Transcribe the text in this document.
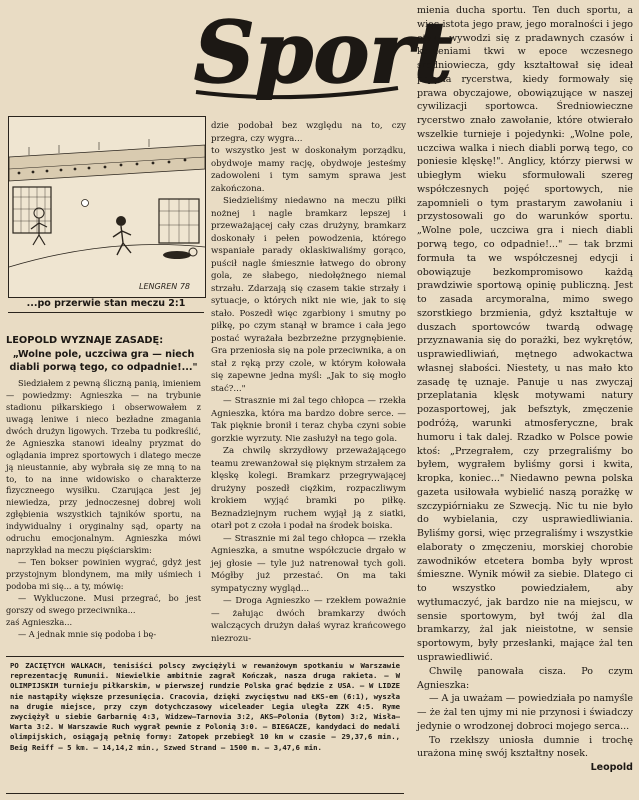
Sport
LENGREN 78
...po przerwie stan meczu 2:1
LEOPOLD WYZNAJE ZASADĘ:
„Wolne pole, uczciwa gra — niech diabli porwą tego, co odpadnie!..."

Siedziałem z pewną śliczną panią, imieniem — powiedzmy: Agnieszka — na trybunie stadionu piłkarskiego i obserwowałem z uwagą leniwe i nieco bezładne zmagania dwóch drużyn ligowych. Trzeba tu podkreślić, że Agnieszka stanowi idealny pryzmat do oglądania imprez sportowych i dlatego mecze ją nieustannie, aby wybrała się ze mną to na to, to na inne widowisko o charakterze fizyczneego wysiłku. Czarująca jest jej niewiedza, przy jednoczesnej dobrej woli zgłębienia wszystkich tajników sportu, na indywidualny i oryginalny sąd, oparty na odruchu emocjonalnym. Agnieszka mówi naprzykład na meczu pięściarskim:

— Ten bokser powinien wygrać, gdyż jest przystojnym blondynem, ma miły uśmiech i podoba mi się... a ty, mówię:

— Wykluczone. Musi przegrać, bo jest gorszy od swego przeciwnika...

zaś Agnieszka...

— A jednak mnie się podoba i bę-

dzie podobał bez względu na to, czy przegra, czy wygra...

to wszystko jest w doskonałym porządku, obydwoje mamy rację, obydwoje jesteśmy zadowoleni i tym samym sprawa jest zakończona.

Siedzieliśmy niedawno na meczu piłki nożnej i nagle bramkarz lepszej i przeważającej cały czas drużyny, bramkarz doskonały i pełen powodzenia, którego wspaniałe parady oklaskiwaliśmy gorąco, puścił nagle śmiesznie łatwego do obrony gola, ze słabego, niedołężnego niemal strzału. Zdarzają się czasem takie strzały i sytuacje, o których nikt nie wie, jak to się stało. Poszedł więc zgarbiony i smutny po piłkę, po czym stanął w bramce i cała jego postać wyrażała bezbrzeżne przygnębienie. Gra przeniosła się na pole przeciwnika, a on stał z ręką przy czole, w którym kołowała się zapewne jedna myśl: „Jak to się mogło stać?..."

— Strasznie mi żal tego chłopca — rzekła Agnieszka, która ma bardzo dobre serce. — Tak pięknie bronił i teraz chyba czyni sobie gorzkie wyrzuty. Nie zasłużył na tego gola.

Za chwilę skrzydłowy przeważającego teamu zrewanżował się pięknym strzałem za klęskę kolegi. Bramkarz przegrywającej drużyny poszedł ciężkim, rozpaczliwym krokiem wyjąć bramki po piłkę. Beznadziejnym ruchem wyjął ją z siatki, otarł pot z czoła i podał na środek boiska.

— Strasznie mi żal tego chłopca — rzekła Agnieszka, a smutne współczucie drgało w jej głosie — tyle już natrenował tych goli. Mógłby już przestać. On ma taki sympatyczny wygląd...

— Droga Agnieszko — rzekłem poważnie — żałując dwóch bramkarzy dwóch walczących drużyn dałaś wyraz krańcowego niezrozu-

mienia ducha sportu. Ten duch sportu, a więc istota jego praw, jego moralności i jego etyki, wywodzi się z pradawnych czasów i korzeniami tkwi w epoce wczesnego średniowiecza, gdy kształtował się ideał pojęcia rycerstwa, kiedy formowały się prawa obyczajowe, obowiązujące w naszej cywilizacji sportowca. Średniowieczne rycerstwo znało zawołanie, które otwierało wszelkie turnieje i pojedynki: „Wolne pole, uczciwa walka i niech diabli porwą tego, co poniesie klęskę!". Anglicy, którzy pierwsi w ubiegłym wieku sformułowali szereg współczesnych pojęć sportowych, nie zapomnieli o tym prastarym zawołaniu i przystosowali go do warunków sportu. „Wolne pole, uczciwa gra i niech diabli porwą tego, co odpadnie!..." — tak brzmi formuła ta we współczesnej edycji i obowiązuje bezkompromisowo każdą prawdziwie sportową opinię publiczną. Jest to zasada arcymoralna, mimo swego szorstkiego brzmienia, gdyż kształtuje w duszach sportowców twardą odwagę przyznawania się do porażki, bez wykrętów, usprawiedliwiań, mętnego adwokactwa własnej słabości. Niestety, u nas mało kto zasadę tę uznaje. Panuje u nas zwyczaj przeplatania klęsk motywami natury pozasportowej, jak befsztyk, zmęczenie podróżą, warunki atmosferyczne, brak humoru i tak dalej. Rzadko w Polsce powie ktoś: „Przegrałem, czy przegraliśmy bo byłem, wygrałem byliśmy gorsi i kwita, kropka, koniec..." Niedawno pewna polska gazeta usiłowała wybielić naszą porażkę w szczypiórniaku ze Szwecją. Nic tu nie było do wybielania, czy usprawiedliwiania. Byliśmy gorsi, więc przegraliśmy i wszystkie elaboraty o zmęczeniu, morskiej chorobie zawodników etcetera bomba były wprost śmieszne. Wynik mówił za siebie. Dlatego ci to wszystko powiedziałem, aby wytłumaczyć, jak bardzo nie na miejscu, w sensie sportowym, był twój żal dla bramkarzy, żal jak nieistotne, w sensie sportowym, były przesłanki, mające żal ten usprawiedliwić.

Chwilę panowała cisza. Po czym Agnieszka:

— A ja uważam — powiedziała po namyśle — że żal ten ujmy mi nie przynosi i świadczy jedynie o wrodzonej dobroci mojego serca...

To rzekłszy uniosła dumnie i trochę urażona minę swój kształtny nosek.

Leopold

PO ZACIĘTYCH WALKACH, tenisiści polscy zwyciężyli w rewanżowym spotkaniu w Warszawie reprezentację Rumunii. Niewielkie ambitnie zagrał Kończak, nasza druga rakieta. — W OLIMPIJSKIM turnieju piłkarskim, w pierwszej rundzie Polska grać będzie z USA. — W LIDZE nie nastąpiły większe przesunięcia. Cracovia, dzięki zwycięstwu nad ŁKS-em (6:1), wyszła na drugie miejsce, przy czym dotychczasowy wiceleader Legia uległa ZZK 4:5. Ryme zwyciężył u siebie Garbarnię 4:3, Widzew—Tarnovia 3:2, AKS—Polonia (Bytom) 3:2, Wisła—Warta 3:2. W Warszawie Ruch wygrał pewnie z Polonią 3:0. — BIEGACZE, kandydaci do medali olimpijskich, osiągają pełnię formy: Zatopek przebiegł 10 km w czasie — 29,37,6 min., Beig Reiff — 5 km. — 14,14,2 min., Szwed Strand — 1500 m. — 3,47,6 min.
